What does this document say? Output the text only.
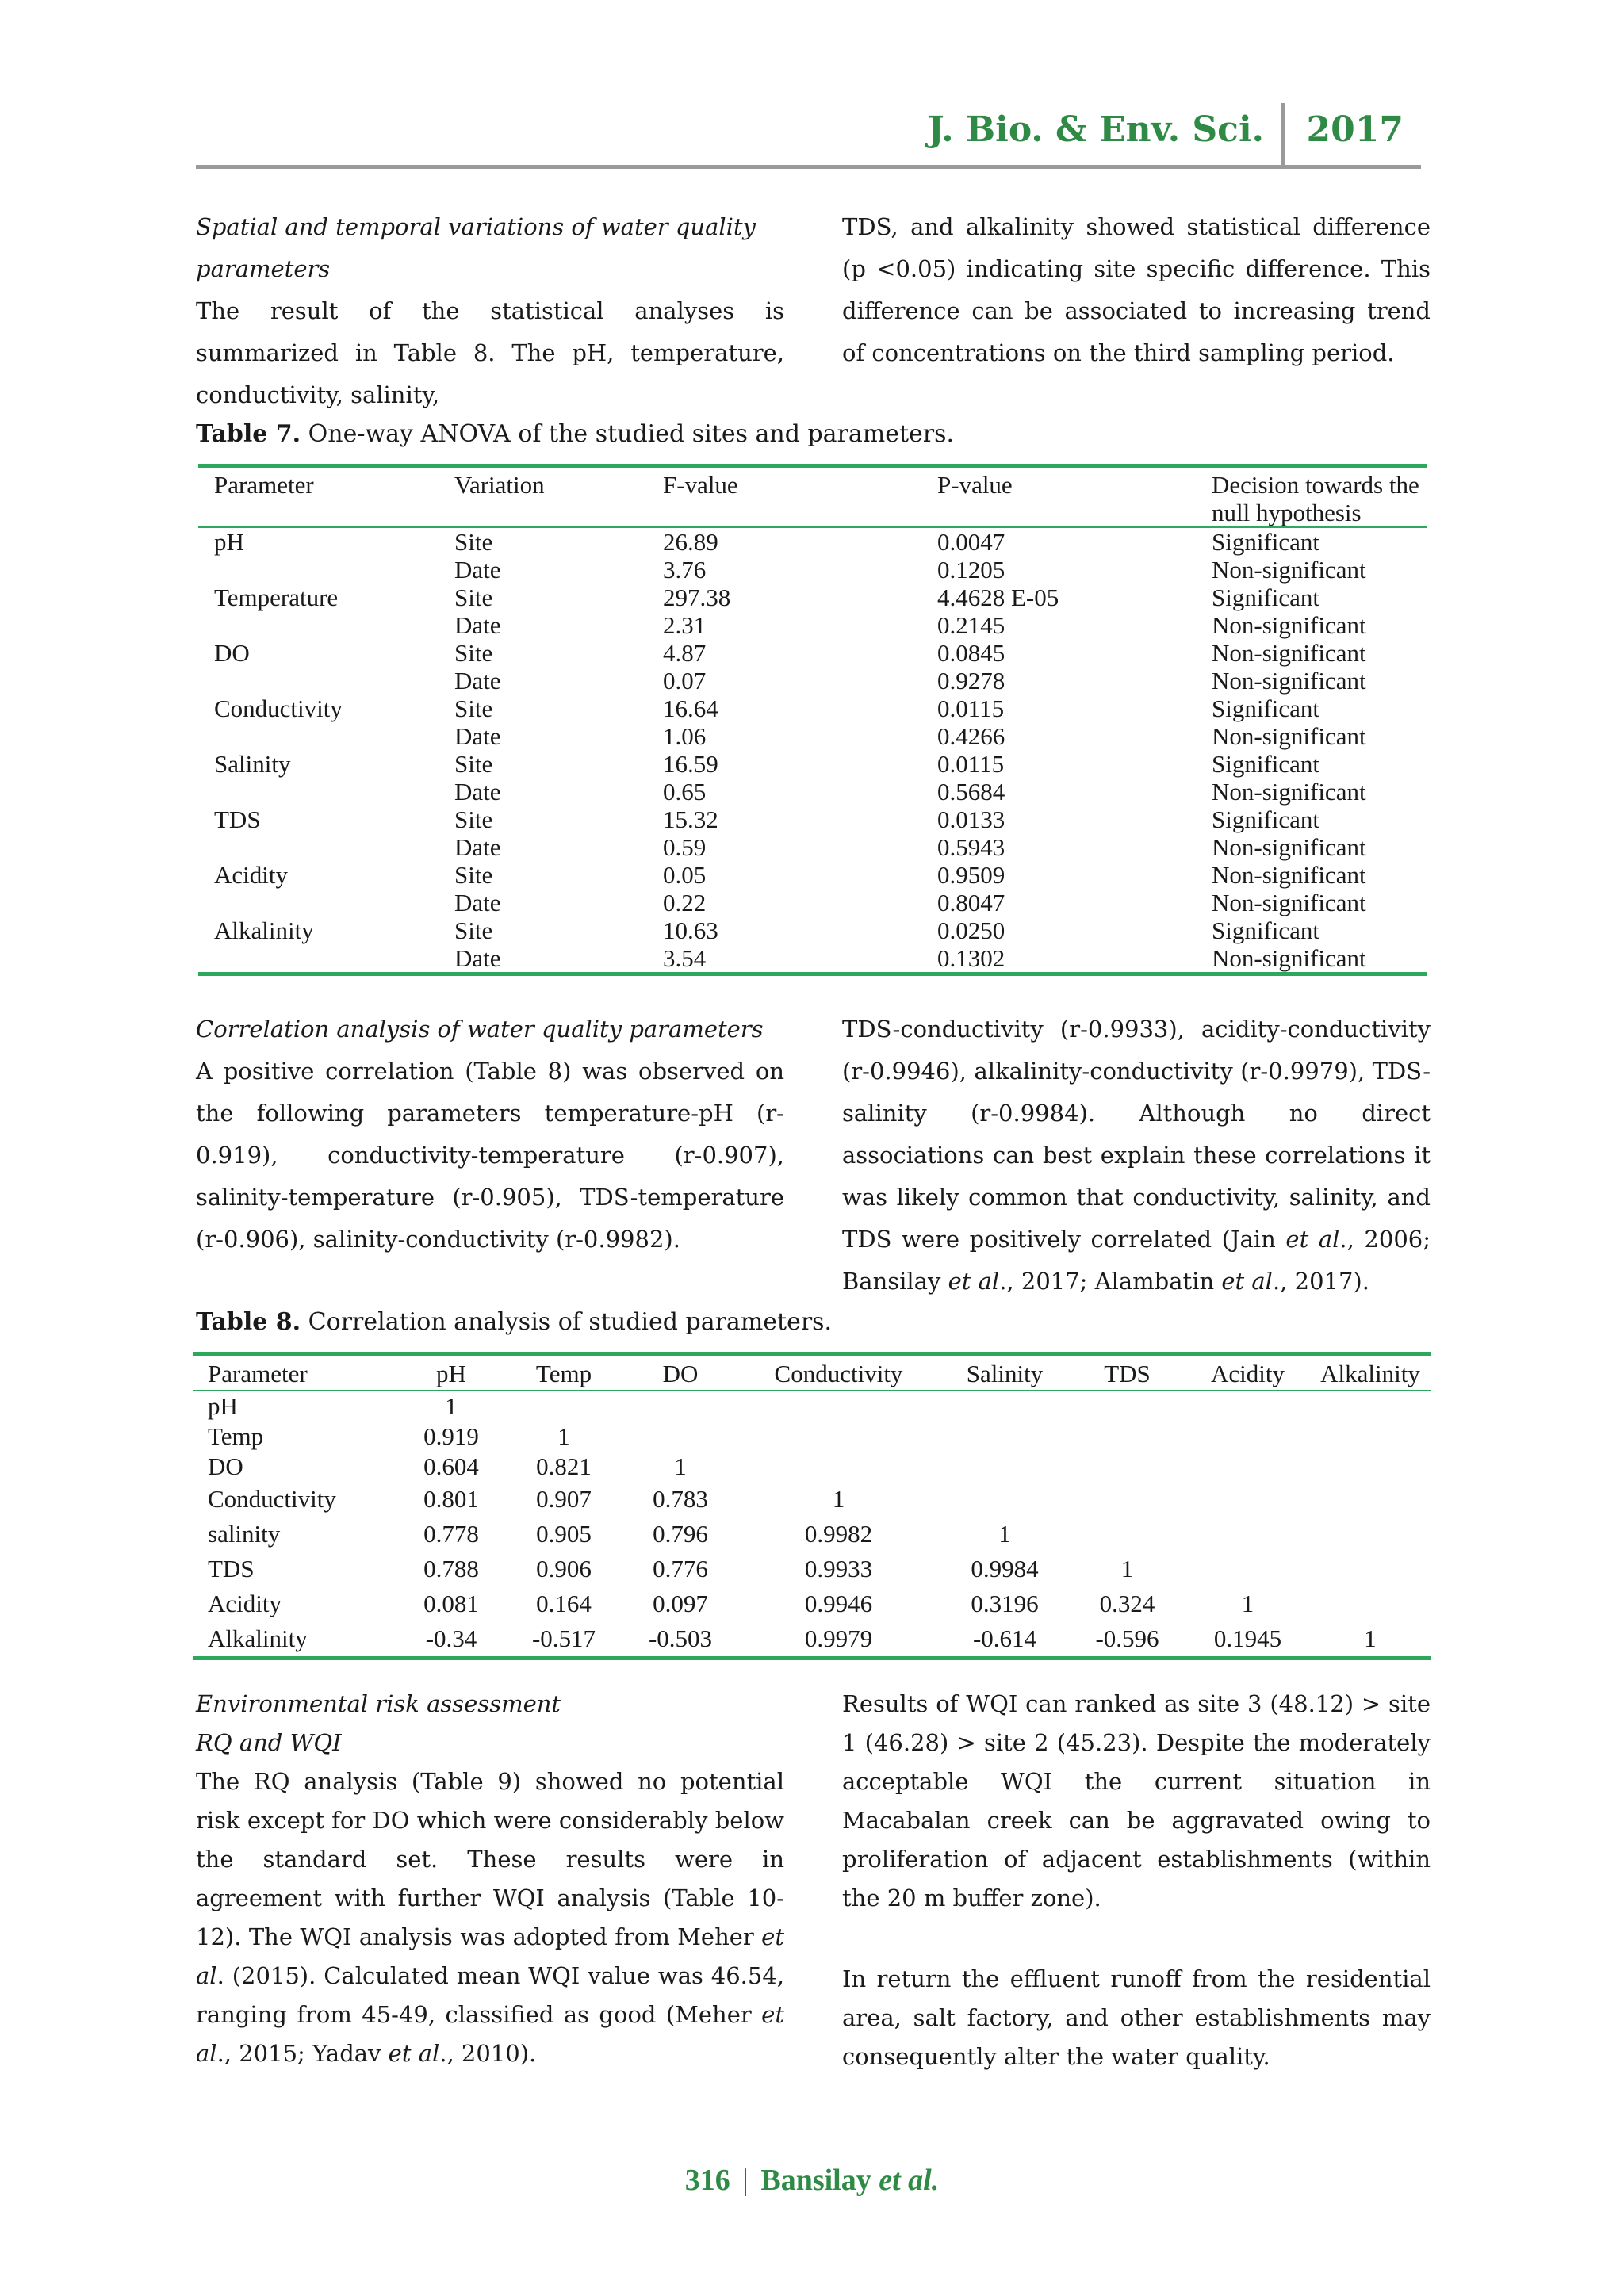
J. Bio. & Env. Sci. 2017

Spatial and temporal variations of water quality parameters

The result of the statistical analyses is summarized in Table 8. The pH, temperature, conductivity, salinity,

TDS, and alkalinity showed statistical difference (p <0.05) indicating site specific difference. This difference can be associated to increasing trend of concentrations on the third sampling period.

Table 7. One-way ANOVA of the studied sites and parameters.
Parameter	Variation	F-value	P-value	Decision towards the null hypothesis
pH	Site	26.89	0.0047	Significant
	Date	3.76	0.1205	Non-significant
Temperature	Site	297.38	4.4628 E-05	Significant
	Date	2.31	0.2145	Non-significant
DO	Site	4.87	0.0845	Non-significant
	Date	0.07	0.9278	Non-significant
Conductivity	Site	16.64	0.0115	Significant
	Date	1.06	0.4266	Non-significant
Salinity	Site	16.59	0.0115	Significant
	Date	0.65	0.5684	Non-significant
TDS	Site	15.32	0.0133	Significant
	Date	0.59	0.5943	Non-significant
Acidity	Site	0.05	0.9509	Non-significant
	Date	0.22	0.8047	Non-significant
Alkalinity	Site	10.63	0.0250	Significant
	Date	3.54	0.1302	Non-significant

Correlation analysis of water quality parameters

A positive correlation (Table 8) was observed on the following parameters temperature-pH (r-0.919), conductivity-temperature (r-0.907), salinity-temperature (r-0.905), TDS-temperature (r-0.906), salinity-conductivity (r-0.9982).

TDS-conductivity (r-0.9933), acidity-conductivity (r-0.9946), alkalinity-conductivity (r-0.9979), TDS-salinity (r-0.9984). Although no direct associations can best explain these correlations it was likely common that conductivity, salinity, and TDS were positively correlated (Jain et al., 2006; Bansilay et al., 2017; Alambatin et al., 2017).

Table 8. Correlation analysis of studied parameters.
Parameter	pH	Temp	DO	Conductivity	Salinity	TDS	Acidity	Alkalinity
pH	1							
Temp	0.919	1						
DO	0.604	0.821	1					
Conductivity	0.801	0.907	0.783	1				
salinity	0.778	0.905	0.796	0.9982	1			
TDS	0.788	0.906	0.776	0.9933	0.9984	1		
Acidity	0.081	0.164	0.097	0.9946	0.3196	0.324	1	
Alkalinity	-0.34	-0.517	-0.503	0.9979	-0.614	-0.596	0.1945	1

Environmental risk assessment

RQ and WQI

The RQ analysis (Table 9) showed no potential risk except for DO which were considerably below the standard set. These results were in agreement with further WQI analysis (Table 10-12). The WQI analysis was adopted from Meher et al. (2015). Calculated mean WQI value was 46.54, ranging from 45-49, classified as good (Meher et al., 2015; Yadav et al., 2010).

Results of WQI can ranked as site 3 (48.12) > site 1 (46.28) > site 2 (45.23). Despite the moderately acceptable WQI the current situation in Macabalan creek can be aggravated owing to proliferation of adjacent establishments (within the 20 m buffer zone).

In return the effluent runoff from the residential area, salt factory, and other establishments may consequently alter the water quality.

316 | Bansilay et al.
